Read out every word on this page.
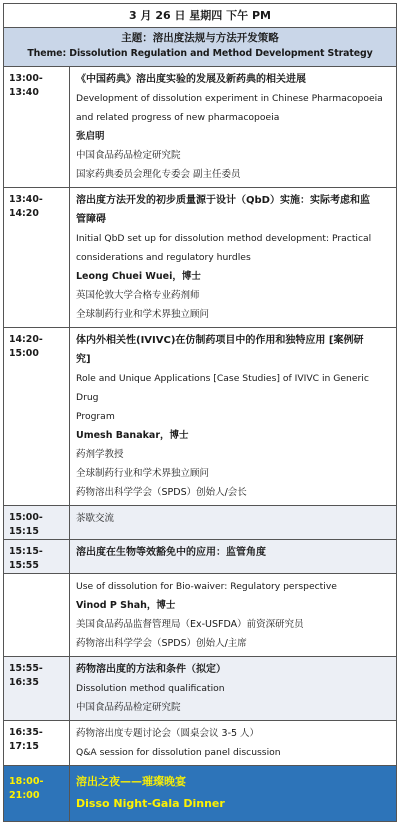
3 月 26 日 星期四 下午 PM
主题：溶出度法规与方法开发策略
Theme: Dissolution Regulation and Method Development Strategy
13:00-13:40
《中国药典》溶出度实验的发展及新药典的相关进展
Development of dissolution experiment in Chinese Pharmacopoeia
and related progress of new pharmacopoeia
张启明
中国食品药品检定研究院
国家药典委员会理化专委会 副主任委员
13:40-14:20
溶出度方法开发的初步质量源于设计（QbD）实施：实际考虑和监
管障碍
Initial QbD set up for dissolution method development: Practical
considerations and regulatory hurdles
Leong Chuei Wuei，博士
英国伦敦大学合格专业药剂师
全球制药行业和学术界独立顾问
14:20-15:00
体内外相关性(IVIVC)在仿制药项目中的作用和独特应用 [案例研
究]
Role and Unique Applications [Case Studies] of IVIVC in Generic Drug
Program
Umesh Banakar，博士
药剂学教授
全球制药行业和学术界独立顾问
药物溶出科学学会（SPDS）创始人/会长
15:00-15:15
茶歇交流
15:15-15:55
溶出度在生物等效豁免中的应用：监管角度
Use of dissolution for Bio-waiver: Regulatory perspective
Vinod P Shah，博士
美国食品药品监督管理局（Ex-USFDA）前资深研究员
药物溶出科学学会（SPDS）创始人/主席
15:55-16:35
药物溶出度的方法和条件（拟定）
Dissolution method qualification
中国食品药品检定研究院
16:35-17:15
药物溶出度专题讨论会（圆桌会议 3-5 人）
Q&A session for dissolution panel discussion
18:00-21:00
溶出之夜——璀璨晚宴
Disso Night-Gala Dinner
